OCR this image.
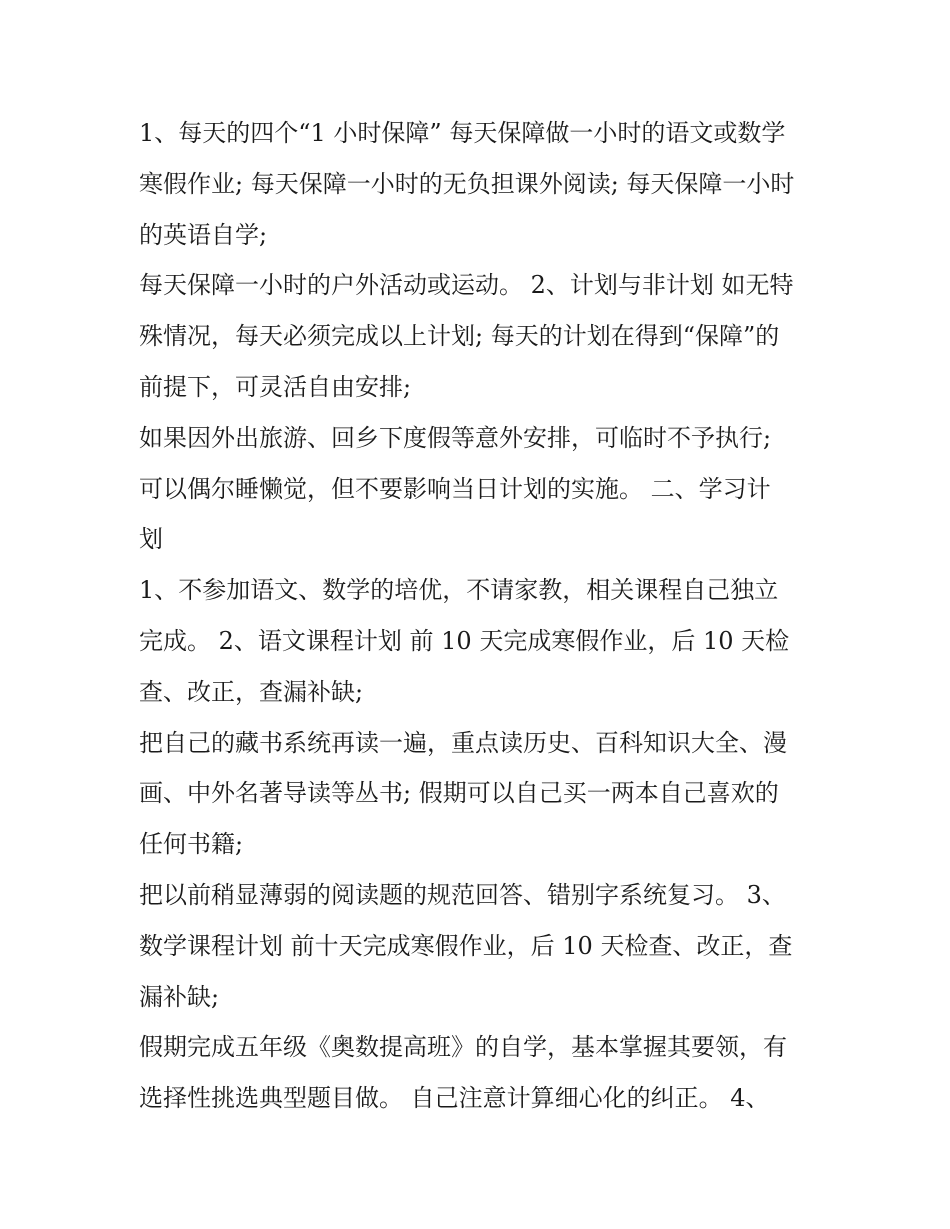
1、每天的四个“1 小时保障” 每天保障做一小时的语文或数学
寒假作业; 每天保障一小时的无负担课外阅读; 每天保障一小时
的英语自学;
每天保障一小时的户外活动或运动。 2、计划与非计划 如无特
殊情况，每天必须完成以上计划; 每天的计划在得到“保障”的
前提下，可灵活自由安排;
如果因外出旅游、回乡下度假等意外安排，可临时不予执行;
可以偶尔睡懒觉，但不要影响当日计划的实施。 二、学习计
划
1、不参加语文、数学的培优，不请家教，相关课程自己独立
完成。 2、语文课程计划 前 10 天完成寒假作业，后 10 天检
查、改正，查漏补缺;
把自己的藏书系统再读一遍，重点读历史、百科知识大全、漫
画、中外名著导读等丛书; 假期可以自己买一两本自己喜欢的
任何书籍;
把以前稍显薄弱的阅读题的规范回答、错别字系统复习。 3、
数学课程计划 前十天完成寒假作业，后 10 天检查、改正，查
漏补缺;
假期完成五年级《奥数提高班》的自学，基本掌握其要领，有
选择性挑选典型题目做。 自己注意计算细心化的纠正。 4、
